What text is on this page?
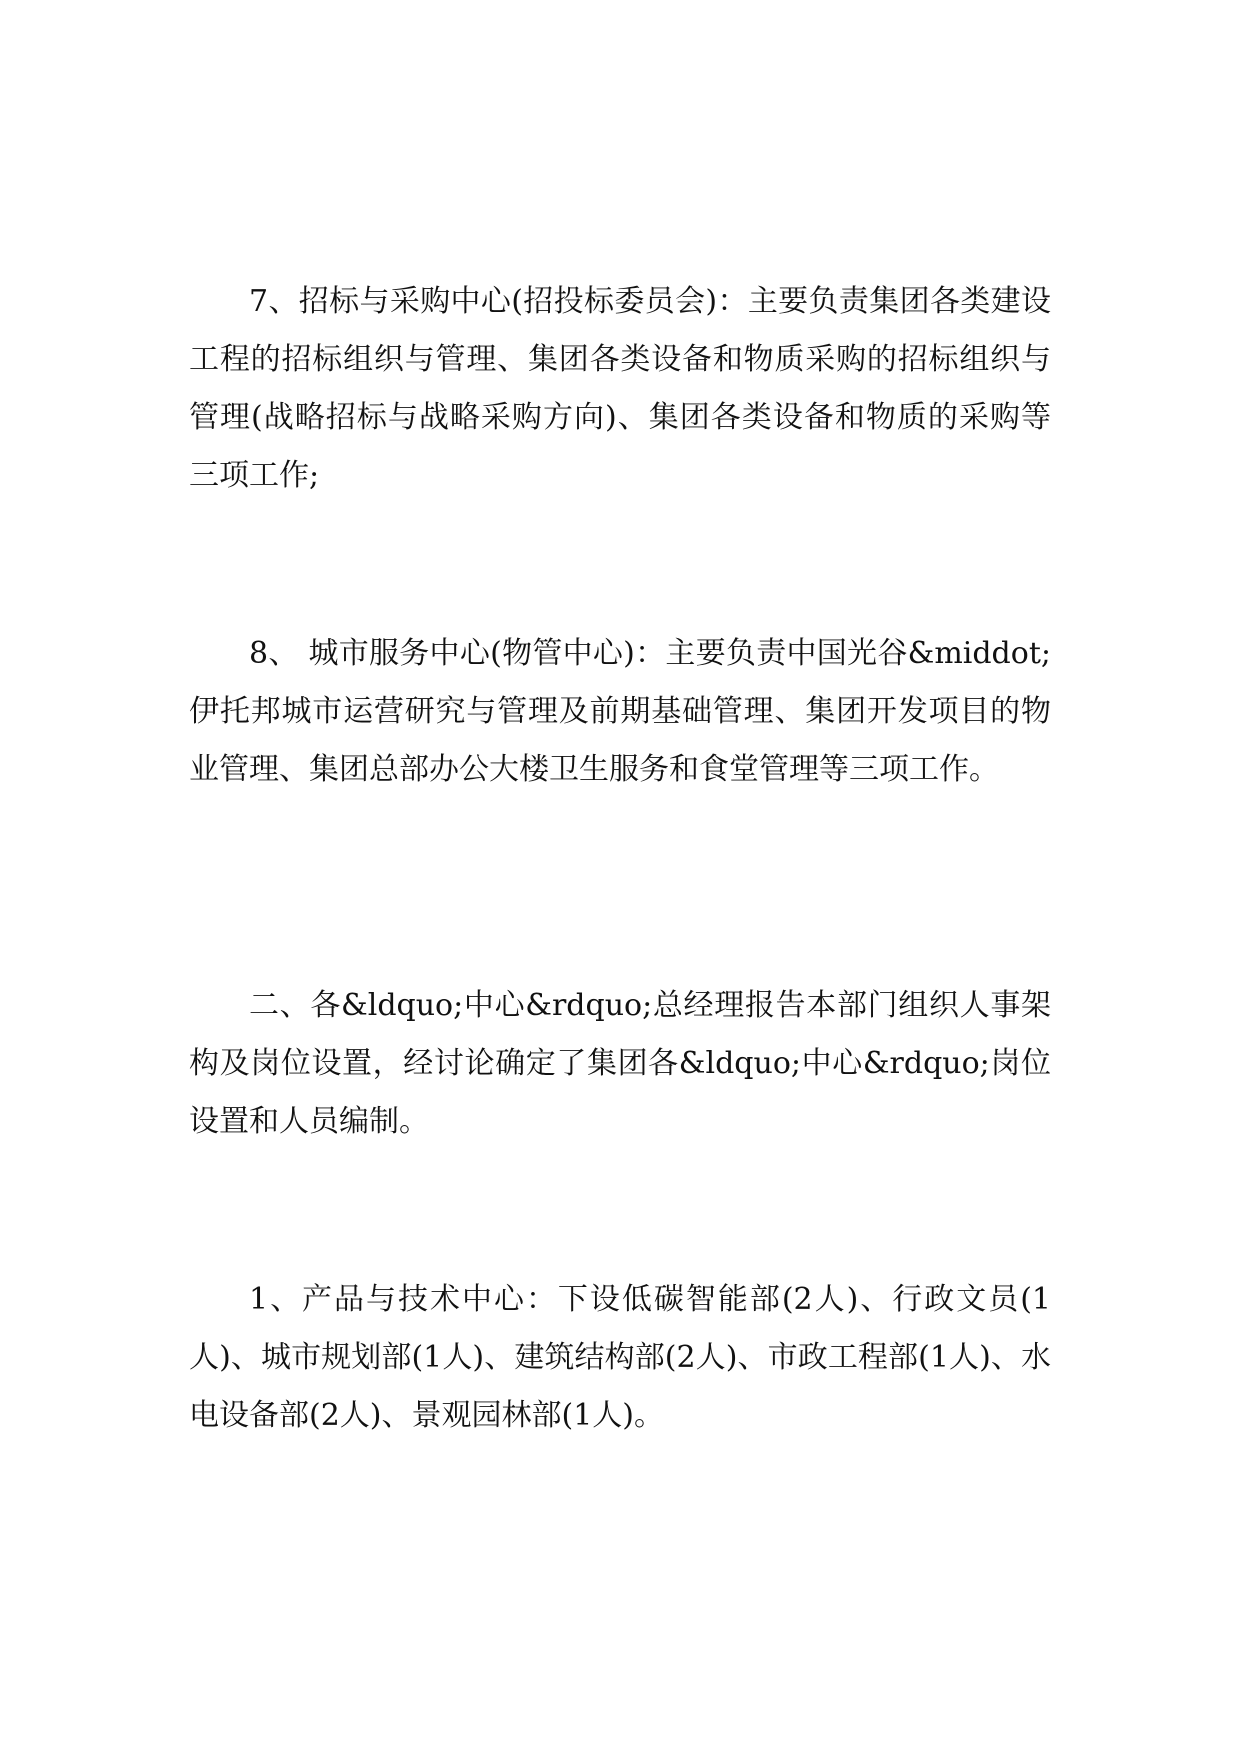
7、招标与采购中心(招投标委员会)：主要负责集团各类建设工程的招标组织与管理、集团各类设备和物质采购的招标组织与管理(战略招标与战略采购方向)、集团各类设备和物质的采购等三项工作;

8、 城市服务中心(物管中心)：主要负责中国光谷&middot;伊托邦城市运营研究与管理及前期基础管理、集团开发项目的物业管理、集团总部办公大楼卫生服务和食堂管理等三项工作。

二、各&ldquo;中心&rdquo;总经理报告本部门组织人事架构及岗位设置，经讨论确定了集团各&ldquo;中心&rdquo;岗位设置和人员编制。

1、产品与技术中心：下设低碳智能部(2人)、行政文员(1人)、城市规划部(1人)、建筑结构部(2人)、市政工程部(1人)、水电设备部(2人)、景观园林部(1人)。
